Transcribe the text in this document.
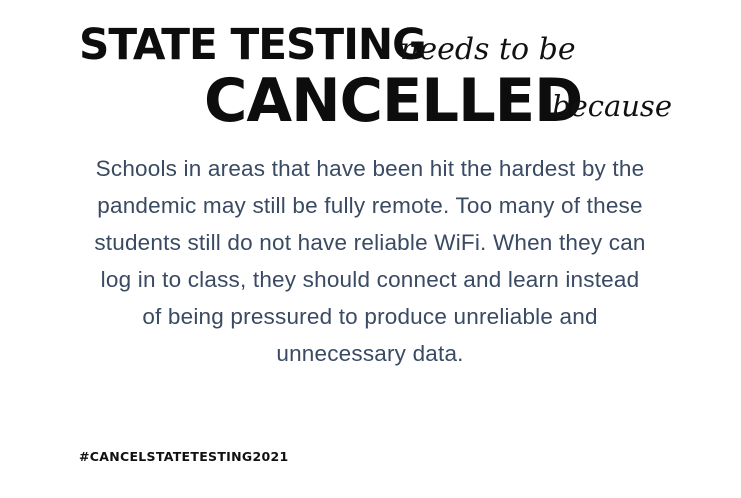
STATE TESTING
needs to be
CANCELLED
because
Schools in areas that have been hit the hardest by the pandemic may still be fully remote. Too many of these students still do not have reliable WiFi. When they can log in to class, they should connect and learn instead of being pressured to produce unreliable and unnecessary data.
#CANCELSTATETESTING2021
